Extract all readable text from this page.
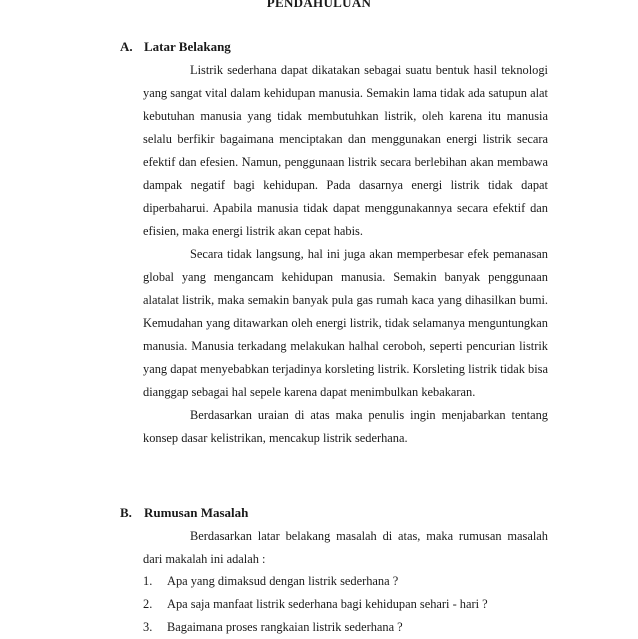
PENDAHULUAN
A. Latar Belakang

Listrik sederhana dapat dikatakan sebagai suatu bentuk hasil teknologi yang sangat vital dalam kehidupan manusia. Semakin lama tidak ada satupun alat kebutuhan manusia yang tidak membutuhkan listrik, oleh karena itu manusia selalu berfikir bagaimana menciptakan dan menggunakan energi listrik secara efektif dan efesien. Namun, penggunaan listrik secara berlebihan akan membawa dampak negatif bagi kehidupan. Pada dasarnya energi listrik tidak dapat diperbaharui. Apabila manusia tidak dapat menggunakannya secara efektif dan efisien, maka energi listrik akan cepat habis.

Secara tidak langsung, hal ini juga akan memperbesar efek pemanasan global yang mengancam kehidupan manusia. Semakin banyak penggunaan alatalat listrik, maka semakin banyak pula gas rumah kaca yang dihasilkan bumi. Kemudahan yang ditawarkan oleh energi listrik, tidak selamanya menguntungkan manusia. Manusia terkadang melakukan halhal ceroboh, seperti pencurian listrik yang dapat menyebabkan terjadinya korsleting listrik. Korsleting listrik tidak bisa dianggap sebagai hal sepele karena dapat menimbulkan kebakaran.

Berdasarkan uraian di atas maka penulis ingin menjabarkan tentang konsep dasar kelistrikan, mencakup listrik sederhana.

B. Rumusan Masalah

Berdasarkan latar belakang masalah di atas, maka rumusan masalah dari makalah ini adalah :

1. Apa yang dimaksud dengan listrik sederhana ?
2. Apa saja manfaat listrik sederhana bagi kehidupan sehari - hari ?
3. Bagaimana proses rangkaian listrik sederhana ?
